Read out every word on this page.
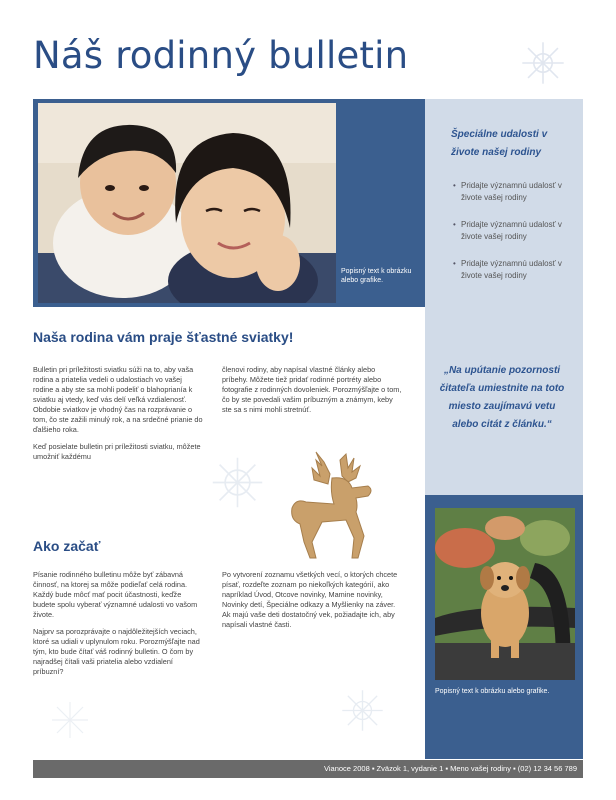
Náš rodinný bulletin
Popisný text k obrázku alebo grafike.
Špeciálne udalosti v živote našej rodiny
• Pridajte významnú udalosť v živote vašej rodiny
• Pridajte významnú udalosť v živote vašej rodiny
• Pridajte významnú udalosť v živote vašej rodiny
„Na upútanie pozornosti čitateľa umiestnite na toto miesto zaujímavú vetu alebo citát z článku.“
Popisný text k obrázku alebo grafike.
Naša rodina vám praje šťastné sviatky!

Bulletin pri príležitosti sviatku súži na to, aby vaša rodina a priatelia vedeli o udalostiach vo vašej rodine a aby ste sa mohli podeliť o blahoprianía k sviatku aj vtedy, keď vás delí veľká vzdialenosť. Obdobie sviatkov je vhodný čas na rozprávanie o tom, čo ste zažili minulý rok, a na srdečné prianie do ďalšieho roka.

Keď posielate bulletin pri príležitosti sviatku, môžete umožniť každému

členovi rodiny, aby napísal vlastné články alebo príbehy. Môžete tiež pridať rodinné portréty alebo fotografie z rodinných dovoleniek. Porozmýšľajte o tom, čo by ste povedali vašim príbuzným a známym, keby ste sa s nimi mohli stretnúť.

Ako začať

Písanie rodinného bulletinu môže byť zábavná činnosť, na ktorej sa môže podieľať celá rodina. Každý bude môcť mať pocit účastnosti, keďže budete spolu vyberať významné udalosti vo vašom živote.

Najprv sa porozprávajte o najdôležitejších veciach, ktoré sa udiali v uplynulom roku. Porozmýšľajte nad tým, kto bude čítať váš rodinný bulletin. O čom by najradšej čítali vaši priatelia alebo vzdialení príbuzní?

Po vytvorení zoznamu všetkých vecí, o ktorých chcete písať, rozdeľte zoznam po niekoľkých kategórií, ako napríklad Úvod, Otcove novinky, Mamine novinky, Novinky detí, Špeciálne odkazy a Myšlienky na záver. Ak majú vaše deti dostatočný vek, požiadajte ich, aby napísali vlastné časti.

Vianoce 2008 ▪ Zväzok 1, vydanie 1 ▪ Meno vašej rodiny ▪ (02) 12 34 56 789
